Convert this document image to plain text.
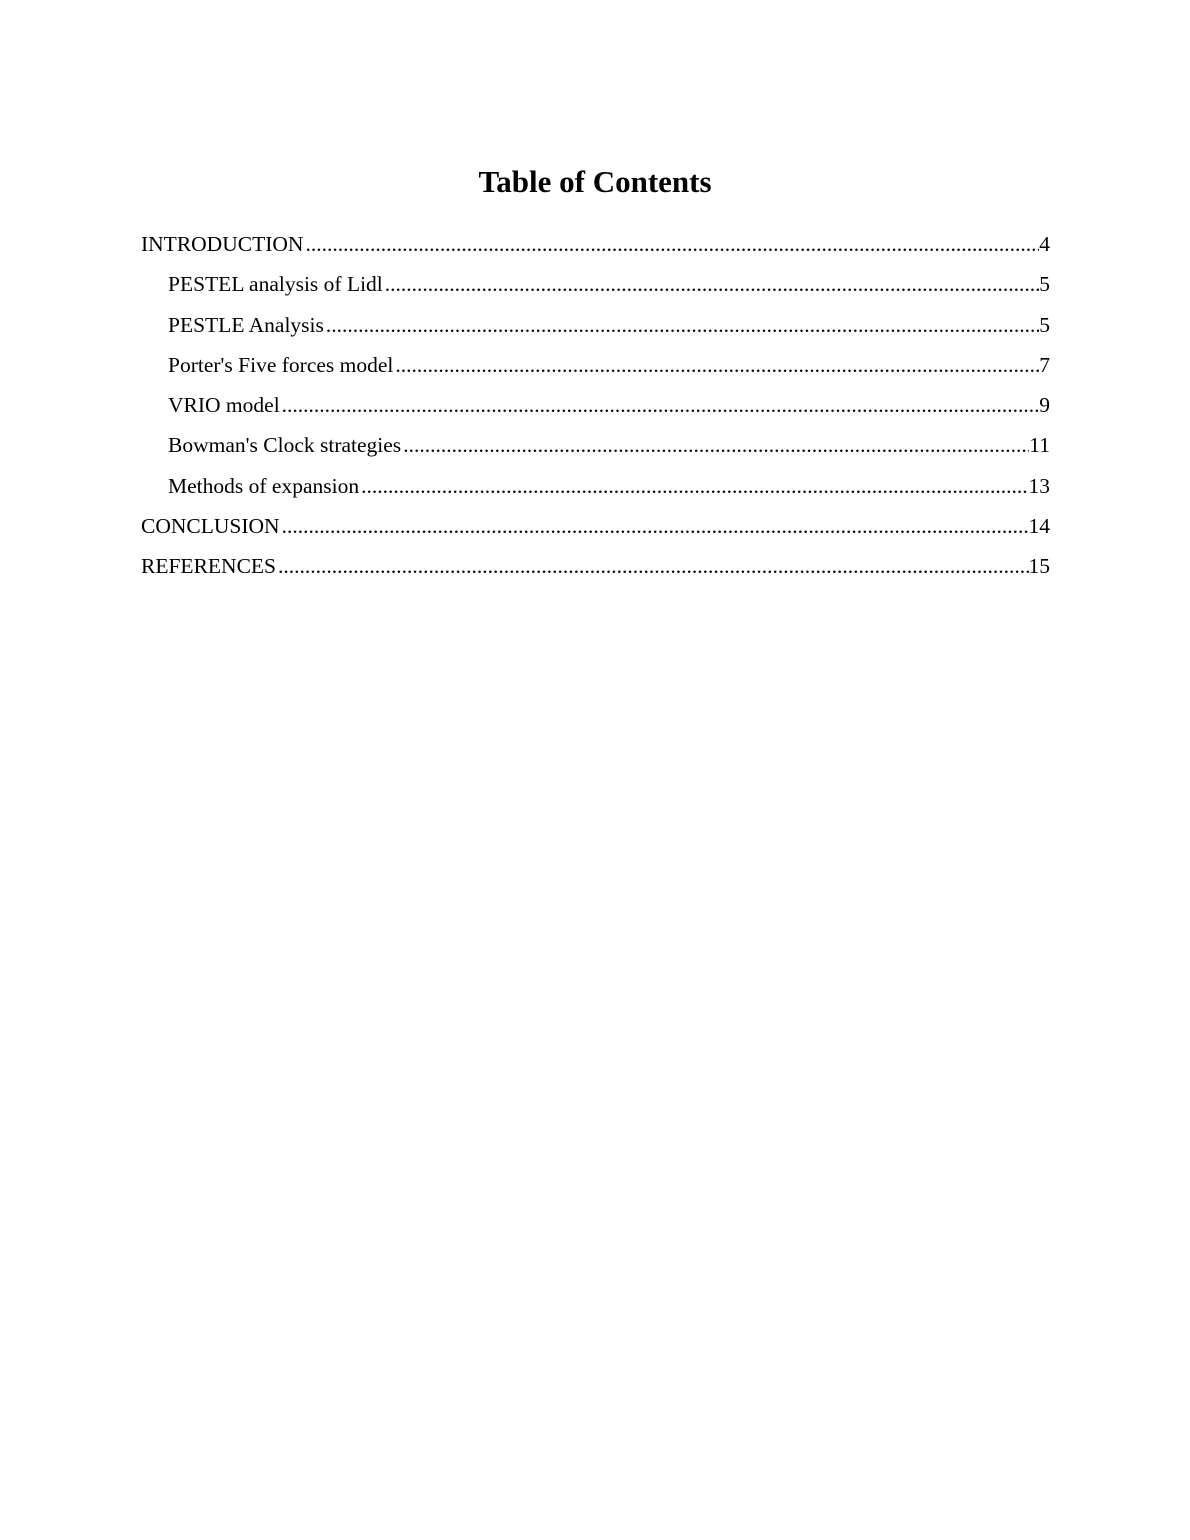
Table of Contents
INTRODUCTION .....	4
PESTEL analysis of Lidl .....	5
PESTLE Analysis .....	5
Porter's Five forces model .....	7
VRIO model .....	9
Bowman's Clock strategies .....	11
Methods of expansion .....	13
CONCLUSION .....	14
REFERENCES .....	15
